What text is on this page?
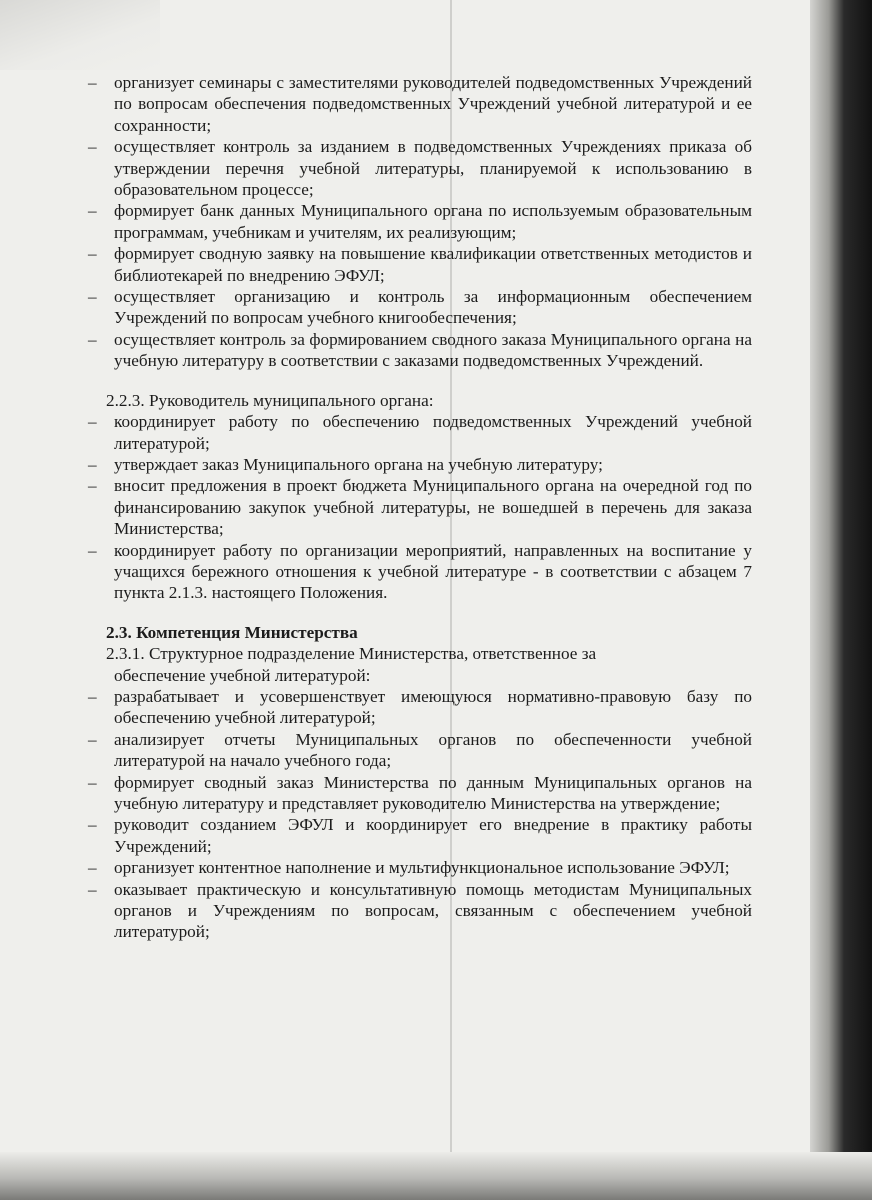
–	организует семинары с заместителями руководителей подведомственных Учреждений по вопросам обеспечения подведомственных Учреждений учебной литературой и ее сохранности;
–	осуществляет контроль за изданием в подведомственных Учреждениях приказа об утверждении перечня учебной литературы, планируемой к использованию в образовательном процессе;
–	формирует банк данных Муниципального органа по используемым образовательным программам, учебникам и учителям, их реализующим;
–	формирует сводную заявку на повышение квалификации ответственных методистов и библиотекарей по внедрению ЭФУЛ;
–	осуществляет организацию и контроль за информационным обеспечением Учреждений по вопросам учебного книгообеспечения;
–	осуществляет контроль за формированием сводного заказа Муниципального органа на учебную литературу в соответствии с заказами подведомственных Учреждений.
2.2.3. Руководитель муниципального органа:
–	координирует работу по обеспечению подведомственных Учреждений учебной литературой;
–	утверждает заказ Муниципального органа на учебную литературу;
–	вносит предложения в проект бюджета Муниципального органа на очередной год по финансированию закупок учебной литературы, не вошедшей в перечень для заказа Министерства;
–	координирует работу по организации мероприятий, направленных на воспитание у учащихся бережного отношения к учебной литературе - в соответствии с абзацем 7 пункта 2.1.3. настоящего Положения.
2.3. Компетенция Министерства
2.3.1. Структурное подразделение Министерства, ответственное за
обеспечение учебной литературой:
–	разрабатывает и усовершенствует имеющуюся нормативно-правовую базу по обеспечению учебной литературой;
–	анализирует отчеты Муниципальных органов по обеспеченности учебной литературой на начало учебного года;
–	формирует сводный заказ Министерства по данным Муниципальных органов на учебную литературу и представляет руководителю Министерства на утверждение;
–	руководит созданием ЭФУЛ и координирует его внедрение в практику работы Учреждений;
–	организует контентное наполнение и мультифункциональное использование ЭФУЛ;
–	оказывает практическую и консультативную помощь методистам Муниципальных органов и Учреждениям по вопросам, связанным с обеспечением учебной литературой;
